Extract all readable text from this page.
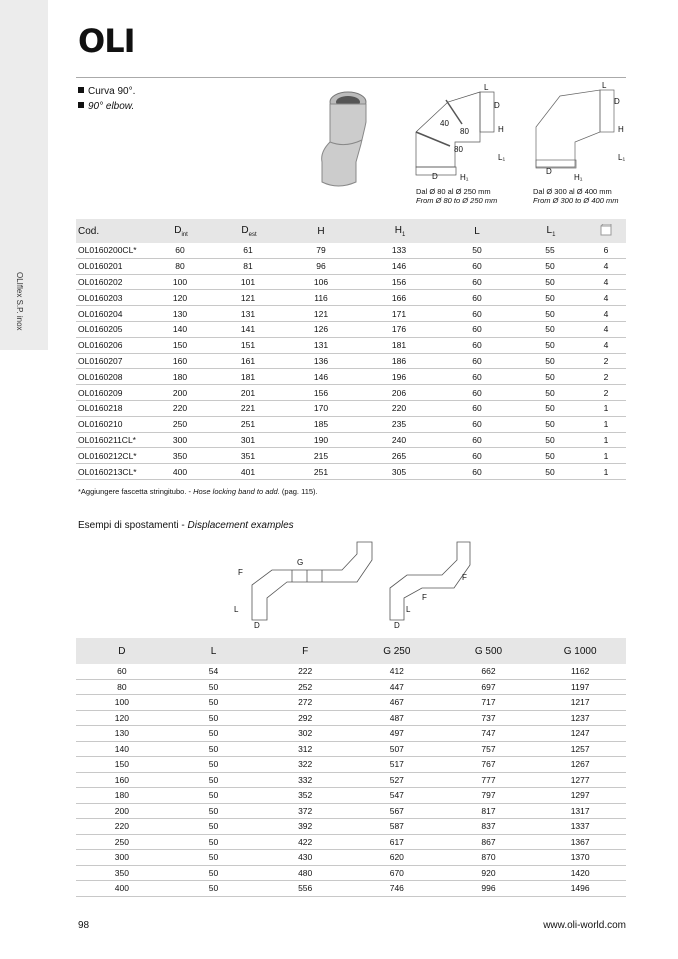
OLIflex S.P. inox
OLI
Curva 90°.
90° elbow.
L
D
40
80	H
80
L₁
D	H₁
L
D
H
L₁
D
H₁
Dal Ø 80 al Ø 250 mm
From Ø 80 to Ø 250 mm
Dal Ø 300 al Ø 400 mm
From Ø 300 to Ø 400 mm
Cod.	$D_{int}$	$D_{est}$	H	$H_1$	L	$L_1$
OL0160200CL*	60	61	79	133	50	55	6
OL0160201	80	81	96	146	60	50	4
OL0160202	100	101	106	156	60	50	4
OL0160203	120	121	116	166	60	50	4
OL0160204	130	131	121	171	60	50	4
OL0160205	140	141	126	176	60	50	4
OL0160206	150	151	131	181	60	50	4
OL0160207	160	161	136	186	60	50	2
OL0160208	180	181	146	196	60	50	2
OL0160209	200	201	156	206	60	50	2
OL0160218	220	221	170	220	60	50	1
OL0160210	250	251	185	235	60	50	1
OL0160211CL*	300	301	190	240	60	50	1
OL0160212CL*	350	351	215	265	60	50	1
OL0160213CL*	400	401	251	305	60	50	1
*Aggiungere fascetta stringitubo. - Hose locking band to add. (pag. 115).
Esempi di spostamenti - Displacement examples
G
F
L
D
F
F
L
D
D	L	F	G 250	G 500	G 1000
60	54	222	412	662	1162
80	50	252	447	697	1197
100	50	272	467	717	1217
120	50	292	487	737	1237
130	50	302	497	747	1247
140	50	312	507	757	1257
150	50	322	517	767	1267
160	50	332	527	777	1277
180	50	352	547	797	1297
200	50	372	567	817	1317
220	50	392	587	837	1337
250	50	422	617	867	1367
300	50	430	620	870	1370
350	50	480	670	920	1420
400	50	556	746	996	1496
98	www.oli-world.com
